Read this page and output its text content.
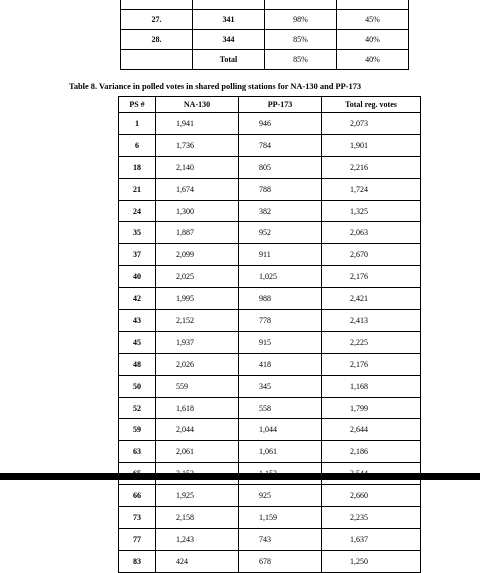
27.	341	98%	45%
28.	344	85%	40%
	Total	85%	40%
Table 8. Variance in polled votes in shared polling stations for NA-130 and PP-173
PS #	NA-130	PP-173	Total reg. votes
1	1,941	946	2,073
6	1,736	784	1,901
18	2,140	805	2,216
21	1,674	788	1,724
24	1,300	382	1,325
35	1,887	952	2,063
37	2,099	911	2,670
40	2,025	1,025	2,176
42	1,995	988	2,421
43	2,152	778	2,413
45	1,937	915	2,225
48	2,026	418	2,176
50	559	345	1,168
52	1,618	558	1,799
59	2,044	1,044	2,644
63	2,061	1,061	2,186

66	1,925	925	2,660
73	2,158	1,159	2,235
77	1,243	743	1,637
83	424	678	1,250
